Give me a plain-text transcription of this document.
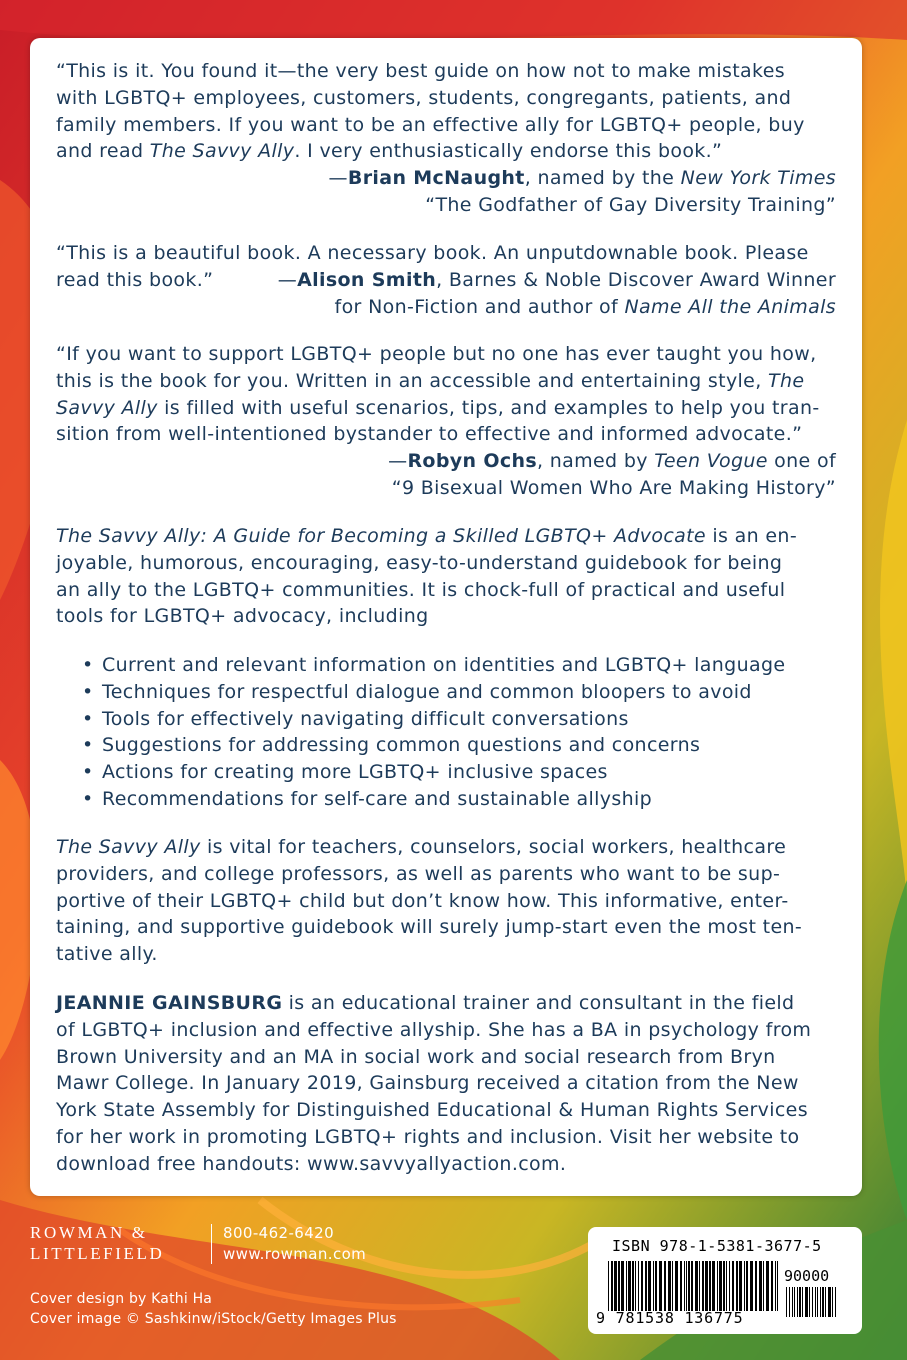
“This is it. You found it—the very best guide on how not to make mistakes
with LGBTQ+ employees, customers, students, congregants, patients, and
family members. If you want to be an effective ally for LGBTQ+ people, buy
and read The Savvy Ally. I very enthusiastically endorse this book.”
—Brian McNaught, named by the New York Times
“The Godfather of Gay Diversity Training”
“This is a beautiful book. A necessary book. An unputdownable book. Please
read this book.”	—Alison Smith, Barnes & Noble Discover Award Winner
for Non-Fiction and author of Name All the Animals
“If you want to support LGBTQ+ people but no one has ever taught you how,
this is the book for you. Written in an accessible and entertaining style, The
Savvy Ally is filled with useful scenarios, tips, and examples to help you tran-
sition from well-intentioned bystander to effective and informed advocate.”
—Robyn Ochs, named by Teen Vogue one of
“9 Bisexual Women Who Are Making History”
The Savvy Ally: A Guide for Becoming a Skilled LGBTQ+ Advocate is an en-
joyable, humorous, encouraging, easy-to-understand guidebook for being
an ally to the LGBTQ+ communities. It is chock-full of practical and useful
tools for LGBTQ+ advocacy, including
• Current and relevant information on identities and LGBTQ+ language
• Techniques for respectful dialogue and common bloopers to avoid
• Tools for effectively navigating difficult conversations
• Suggestions for addressing common questions and concerns
• Actions for creating more LGBTQ+ inclusive spaces
• Recommendations for self-care and sustainable allyship
The Savvy Ally is vital for teachers, counselors, social workers, healthcare
providers, and college professors, as well as parents who want to be sup-
portive of their LGBTQ+ child but don’t know how. This informative, enter-
taining, and supportive guidebook will surely jump-start even the most ten-
tative ally.
JEANNIE GAINSBURG is an educational trainer and consultant in the field
of LGBTQ+ inclusion and effective allyship. She has a BA in psychology from
Brown University and an MA in social work and social research from Bryn
Mawr College. In January 2019, Gainsburg received a citation from the New
York State Assembly for Distinguished Educational & Human Rights Services
for her work in promoting LGBTQ+ rights and inclusion. Visit her website to
download free handouts: www.savvyallyaction.com.
ROWMAN &
LITTLEFIELD
800-462-6420
www.rowman.com
Cover design by Kathi Ha
Cover image © Sashkinw/iStock/Getty Images Plus
ISBN 978-1-5381-3677-5
90000
9 781538 136775
